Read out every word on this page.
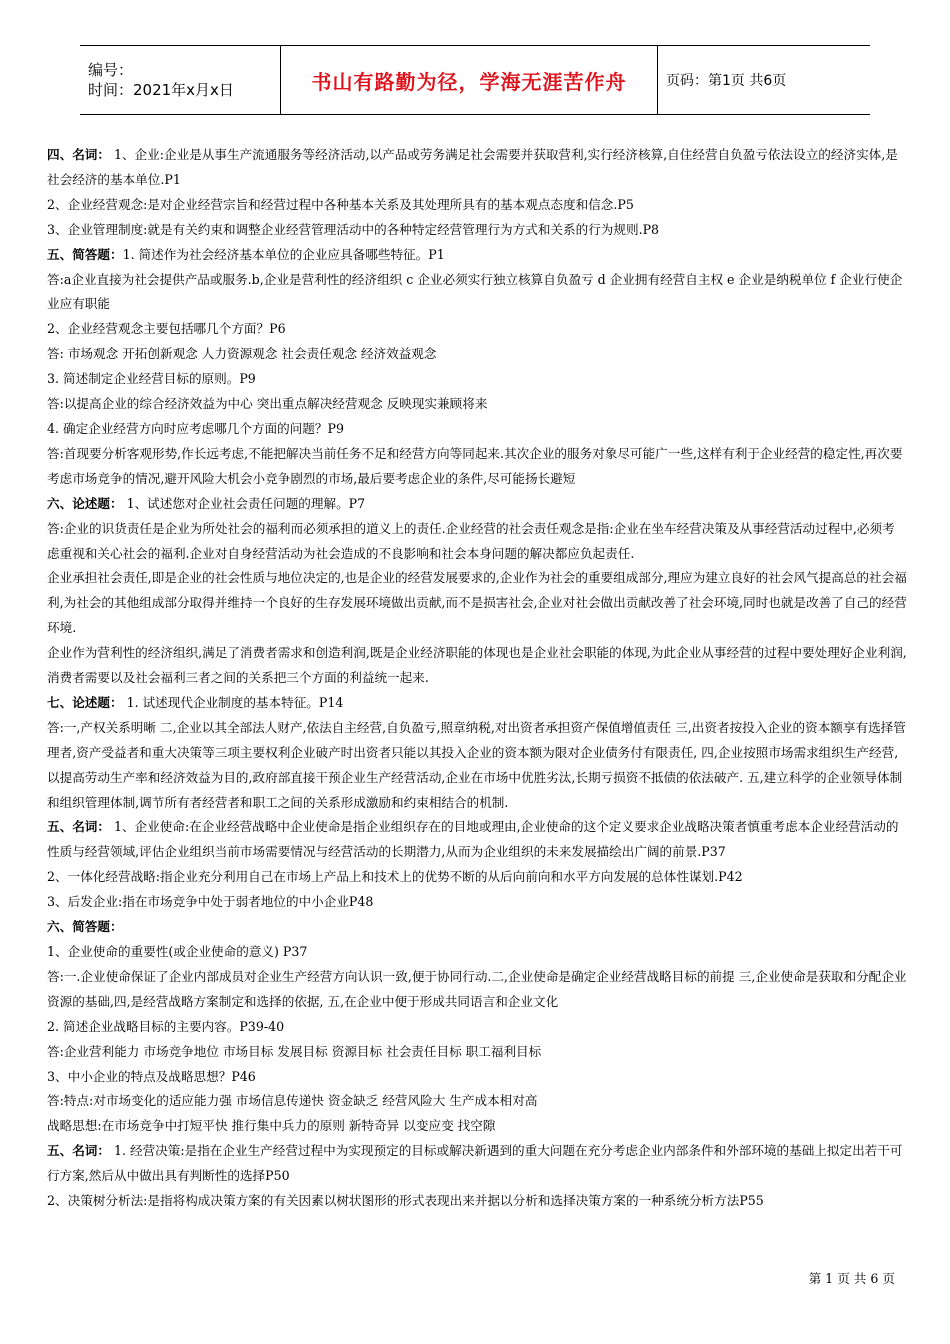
编号：
时间：2021年x月x日	书山有路勤为径，学海无涯苦作舟	页码：第1页 共6页

四、名词： 1、企业:企业是从事生产流通服务等经济活动,以产品或劳务满足社会需要并获取营利,实行经济核算,自住经营自负盈亏依法设立的经济实体,是社会经济的基本单位.P1

2、企业经营观念:是对企业经营宗旨和经营过程中各种基本关系及其处理所具有的基本观点态度和信念.P5

3、企业管理制度:就是有关约束和调整企业经营管理活动中的各种特定经营管理行为方式和关系的行为规则.P8

五、简答题：1. 简述作为社会经济基本单位的企业应具备哪些特征。P1

答:a企业直接为社会提供产品或服务.b,企业是营利性的经济组织 c 企业必须实行独立核算自负盈亏 d 企业拥有经营自主权 e 企业是纳税单位 f 企业行使企业应有职能

2、企业经营观念主要包括哪几个方面？P6

答: 市场观念 开拓创新观念 人力资源观念 社会责任观念 经济效益观念

3. 简述制定企业经营目标的原则。P9

答:以提高企业的综合经济效益为中心 突出重点解决经营观念 反映现实兼顾将来

4. 确定企业经营方向时应考虑哪几个方面的问题？P9

答:首现要分析客观形势,作长远考虑,不能把解决当前任务不足和经营方向等同起来.其次企业的服务对象尽可能广一些,这样有利于企业经营的稳定性,再次要考虑市场竞争的情况,避开风险大机会小竞争剧烈的市场,最后要考虑企业的条件,尽可能扬长避短

六、论述题： 1、试述您对企业社会责任问题的理解。P7

答:企业的识货责任是企业为所处社会的福利而必须承担的道义上的责任.企业经营的社会责任观念是指:企业在坐车经营决策及从事经营活动过程中,必须考虑重视和关心社会的福利.企业对自身经营活动为社会造成的不良影响和社会本身问题的解决都应负起责任.

企业承担社会责任,即是企业的社会性质与地位决定的,也是企业的经营发展要求的,企业作为社会的重要组成部分,理应为建立良好的社会风气提高总的社会福利,为社会的其他组成部分取得并维持一个良好的生存发展环境做出贡献,而不是损害社会,企业对社会做出贡献改善了社会环境,同时也就是改善了自己的经营环境.

企业作为营利性的经济组织,满足了消费者需求和创造利润,既是企业经济职能的体现也是企业社会职能的体现,为此企业从事经营的过程中要处理好企业利润,消费者需要以及社会福利三者之间的关系把三个方面的利益统一起来.

七、论述题： 1. 试述现代企业制度的基本特征。P14

答:一,产权关系明晰 二,企业以其全部法人财产,依法自主经营,自负盈亏,照章纳税,对出资者承担资产保值增值责任 三,出资者按投入企业的资本额享有选择管理者,资产受益者和重大决策等三项主要权利企业破产时出资者只能以其投入企业的资本额为限对企业债务付有限责任, 四,企业按照市场需求组织生产经营,以提高劳动生产率和经济效益为目的,政府部直接干预企业生产经营活动,企业在市场中优胜劣汰,长期亏损资不抵债的依法破产. 五,建立科学的企业领导体制和组织管理体制,调节所有者经营者和职工之间的关系形成激励和约束相结合的机制.

五、名词： 1、企业使命:在企业经营战略中企业使命是指企业组织存在的目地或理由,企业使命的这个定义要求企业战略决策者慎重考虑本企业经营活动的性质与经营领域,评估企业组织当前市场需要情况与经营活动的长期潜力,从而为企业组织的未来发展描绘出广阔的前景.P37

2、一体化经营战略:指企业充分利用自己在市场上产品上和技术上的优势不断的从后向前向和水平方向发展的总体性谋划.P42

3、后发企业:指在市场竞争中处于弱者地位的中小企业P48

六、简答题：

1、企业使命的重要性(或企业使命的意义) P37

答:一.企业使命保证了企业内部成员对企业生产经营方向认识一致,便于协同行动.二,企业使命是确定企业经营战略目标的前提 三,企业使命是获取和分配企业资源的基础,四,是经营战略方案制定和选择的依据, 五,在企业中便于形成共同语言和企业文化

2. 简述企业战略目标的主要内容。P39-40

答:企业营利能力 市场竞争地位 市场目标 发展目标 资源目标 社会责任目标 职工福利目标

3、中小企业的特点及战略思想？P46

答:特点:对市场变化的适应能力强 市场信息传递快 资金缺乏 经营风险大 生产成本相对高

战略思想:在市场竞争中打短平快 推行集中兵力的原则 新特奇异 以变应变 找空隙

五、名词： 1. 经营决策:是指在企业生产经营过程中为实现预定的目标或解决新遇到的重大问题在充分考虑企业内部条件和外部环境的基础上拟定出若干可行方案,然后从中做出具有判断性的选择P50

2、决策树分析法:是指将构成决策方案的有关因素以树状图形的形式表现出来并据以分析和选择决策方案的一种系统分析方法P55

第 1 页 共 6 页
